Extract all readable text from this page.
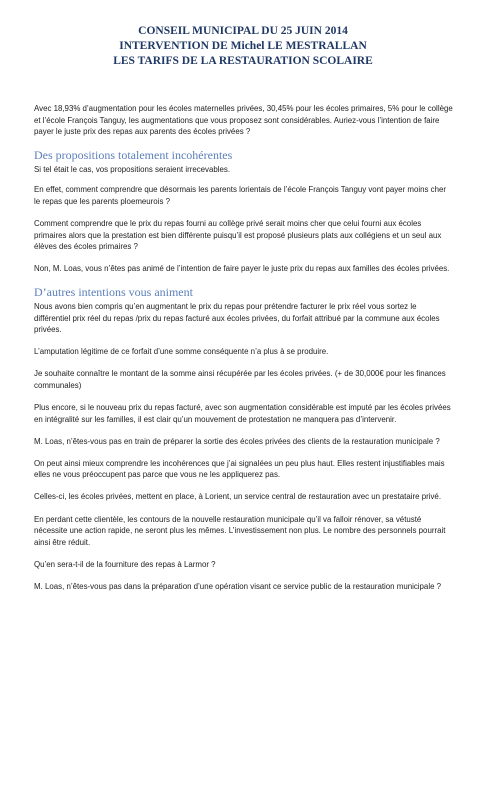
CONSEIL MUNICIPAL DU 25 JUIN 2014
INTERVENTION DE Michel LE MESTRALLAN
LES TARIFS DE LA RESTAURATION SCOLAIRE

Avec 18,93% d’augmentation pour les écoles maternelles privées, 30,45% pour les écoles primaires, 5% pour le collège et l’école François Tanguy, les augmentations que vous proposez sont considérables. Auriez-vous l’intention de faire payer le juste prix des repas aux parents des écoles privées ?

Des propositions totalement incohérentes

Si tel était le cas, vos propositions seraient irrecevables.

En effet, comment comprendre que désormais les parents lorientais de l’école François Tanguy vont payer moins cher le repas que les parents ploemeurois ?

Comment comprendre que le prix du repas fourni au collège privé serait moins cher que celui fourni aux écoles primaires alors que la prestation est bien différente puisqu’il est proposé plusieurs plats aux collégiens et un seul aux élèves des écoles primaires ?

Non, M. Loas, vous n’êtes pas animé de l’intention de faire payer le juste prix du repas aux familles des écoles privées.

D’autres intentions vous animent

Nous avons bien compris qu’en augmentant le prix du repas pour prétendre facturer le prix réel vous sortez le différentiel prix réel du repas /prix du repas facturé aux écoles privées, du forfait attribué par la commune aux écoles privées.

L’amputation légitime de ce forfait d’une somme conséquente n’a plus à se produire.

Je souhaite connaître le montant de la somme ainsi récupérée par les écoles privées. (+ de 30,000€ pour les finances communales)

Plus encore, si le nouveau prix du repas facturé, avec son augmentation considérable est imputé par les écoles privées en intégralité sur les familles, il est clair qu’un mouvement de protestation ne manquera pas d’intervenir.

M. Loas, n’êtes-vous pas en train de préparer la sortie des écoles privées des clients de la restauration municipale ?

On peut ainsi mieux comprendre les incohérences que j’ai signalées un peu plus haut. Elles restent injustifiables mais elles ne vous préoccupent pas parce que vous ne les appliquerez pas.

Celles-ci, les écoles privées, mettent en place, à Lorient, un service central de restauration avec un prestataire privé.

En perdant cette clientèle, les contours de la nouvelle restauration municipale qu’il va falloir rénover, sa vétusté nécessite une action rapide, ne seront plus les mêmes. L’investissement non plus. Le nombre des personnels pourrait ainsi être réduit.

Qu’en sera-t-il de la fourniture des repas à Larmor ?

M. Loas, n’êtes-vous pas dans la préparation d’une opération visant ce service public de la restauration municipale ?
